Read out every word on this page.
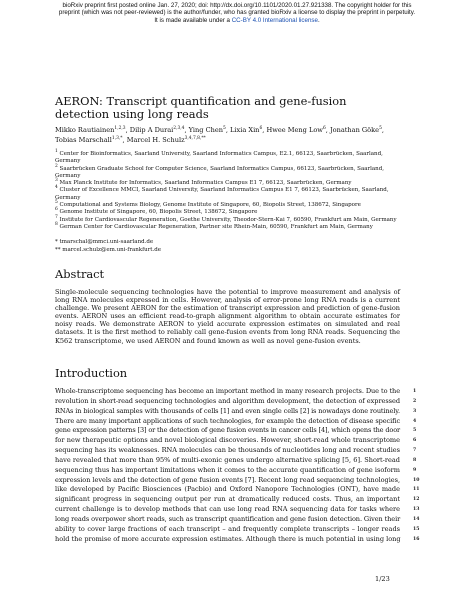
bioRxiv preprint first posted online Jan. 27, 2020; doi: http://dx.doi.org/10.1101/2020.01.27.921338. The copyright holder for this
preprint (which was not peer-reviewed) is the author/funder, who has granted bioRxiv a license to display the preprint in perpetuity.
It is made available under a CC-BY 4.0 International license.
AERON: Transcript quantification and gene-fusion detection using long reads
Mikko Rautiainen$^{1,2,3}$, Dilip A Durai$^{2,3,4}$, Ying Chen$^5$, Lixia Xin$^6$, Hwee Meng Low$^6$, Jonathan Göke$^5$,
Tobias Marschall$^{1,3,*}$, Marcel H. Schulz$^{3,4,7,8,**}$
$^1$ Center for Bioinformatics, Saarland University, Saarland Informatics Campus, E2.1, 66123, Saarbrücken, Saarland,
Germany
$^2$ Saarbrücken Graduate School for Computer Science, Saarland Informatics Campus, 66123, Saarbrücken, Saarland,
Germany
$^3$ Max Planck Institute for Informatics, Saarland Informatics Campus E1 7, 66123, Saarbrücken, Germany
$^4$ Cluster of Excellence MMCI, Saarland University, Saarland Informatics Campus E1 7, 66123, Saarbrücken, Saarland,
Germany
$^5$ Computational and Systems Biology, Genome Institute of Singapore, 60, Biopolis Street, 138672, Singapore
$^6$ Genome Institute of Singapore, 60, Biopolis Street, 138672, Singapore
$^7$ Institute for Cardiovascular Regeneration, Goethe University, Theodor-Stern-Kai 7, 60590, Frankfurt am Main, Germany
$^8$ German Center for Cardiovascular Regeneration, Partner site Rhein-Main, 60590, Frankfurt am Main, Germany
* tmarschal@mmci.uni-saarland.de
** marcel.schulz@em.uni-frankfurt.de
Abstract
Single-molecule sequencing technologies have the potential to improve measurement and analysis of long RNA molecules expressed in cells. However, analysis of error-prone long RNA reads is a current challenge. We present AERON for the estimation of transcript expression and prediction of gene-fusion events. AERON uses an efficient read-to-graph alignment algorithm to obtain accurate estimates for noisy reads. We demonstrate AERON to yield accurate expression estimates on simulated and real datasets. It is the first method to reliably call gene-fusion events from long RNA reads. Sequencing the K562 transcriptome, we used AERON and found known as well as novel gene-fusion events.
Introduction
Whole-transcriptome sequencing has become an important method in many research projects. Due to the	1
revolution in short-read sequencing technologies and algorithm development, the detection of expressed	2
RNAs in biological samples with thousands of cells [1] and even single cells [2] is nowadays done routinely.	3
There are many important applications of such technologies, for example the detection of disease specific	4
gene expression patterns [3] or the detection of gene fusion events in cancer cells [4], which opens the door	5
for new therapeutic options and novel biological discoveries. However, short-read whole transcriptome	6
sequencing has its weaknesses. RNA molecules can be thousands of nucleotides long and recent studies	7
have revealed that more than 95% of multi-exonic genes undergo alternative splicing [5, 6]. Short-read	8
sequencing thus has important limitations when it comes to the accurate quantification of gene isoform	9
expression levels and the detection of gene fusion events [7]. Recent long read sequencing technologies,	10
like developed by Pacific Biosciences (Pacbio) and Oxford Nanopore Technologies (ONT), have made	11
significant progress in sequencing output per run at dramatically reduced costs. Thus, an important	12
current challenge is to develop methods that can use long read RNA sequencing data for tasks where	13
long reads overpower short reads, such as transcript quantification and gene fusion detection. Given their	14
ability to cover large fractions of each transcript – and frequently complete transcripts – longer reads	15
hold the promise of more accurate expression estimates. Although there is much potential in using long	16
1/23
